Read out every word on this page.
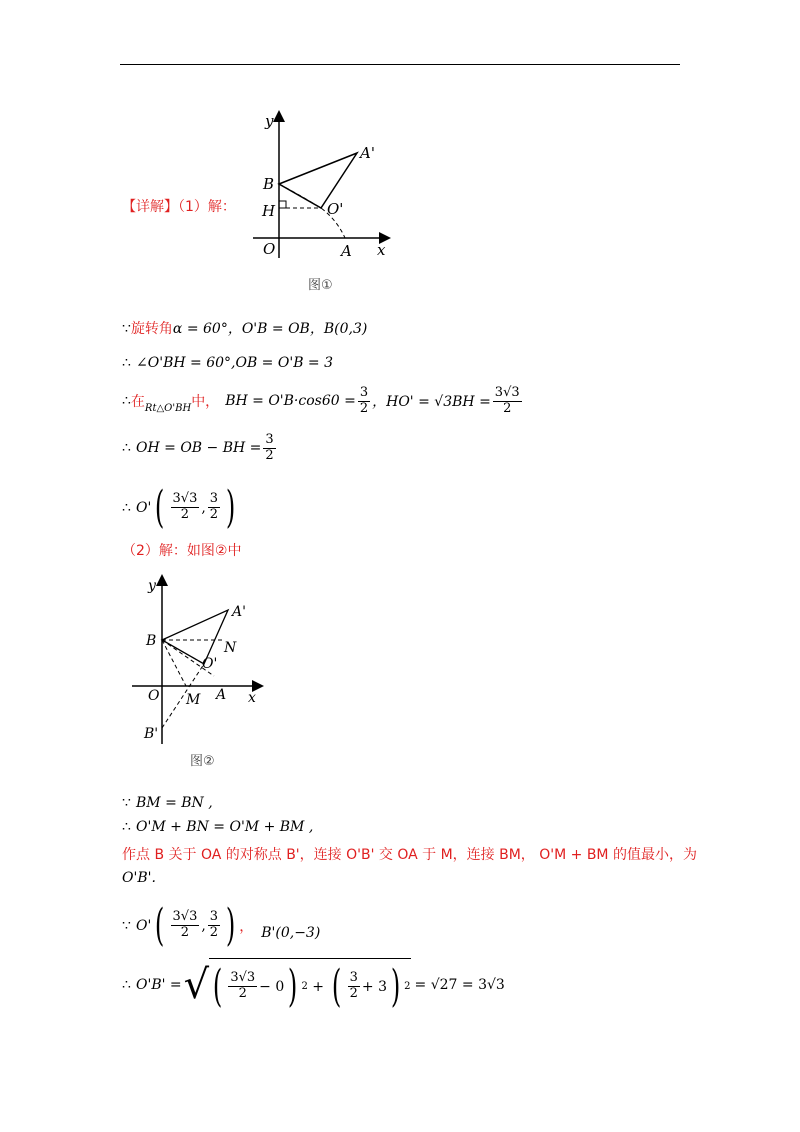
【详解】（1）解：
y
x
O	A
B
H	O'
A'
图①
∵旋转角α = 60°，O'B = OB，B(0,3)
∴ ∠O'BH = 60°,OB = O'B = 3
∴ 在 Rt△O'BH 中， BH = $O'B\cdot\cos 60 = \frac{3}{2}$ ，$HO' = √3BH = \frac{3√3}{2}$
∴
OH = OB − BH = $\frac{3}{2}$
∴
O' ( $\frac{3√3}{2}$ , $\frac{3}{2}$ )
（2）解：如图②中
y
x
O	A
B
B'
M
N
O'
A'
图②
∵ BM = BN ,
∴ O'M + BN = O'M + BM ,
作点 B 关于 OA 的对称点 B'，连接 O'B' 交 OA 于 M，连接 BM， O'M + BM 的值最小，为
O'B'.
∵
O' ( $\frac{3√3}{2}$ , $\frac{3}{2}$ ) ， B'(0,−3)
∴
O'B' = √ ( $\frac{3√3}{2} - 0$ ) 2 + ( $\frac{3}{2} + 3$ ) 2 = √27 = 3√3
